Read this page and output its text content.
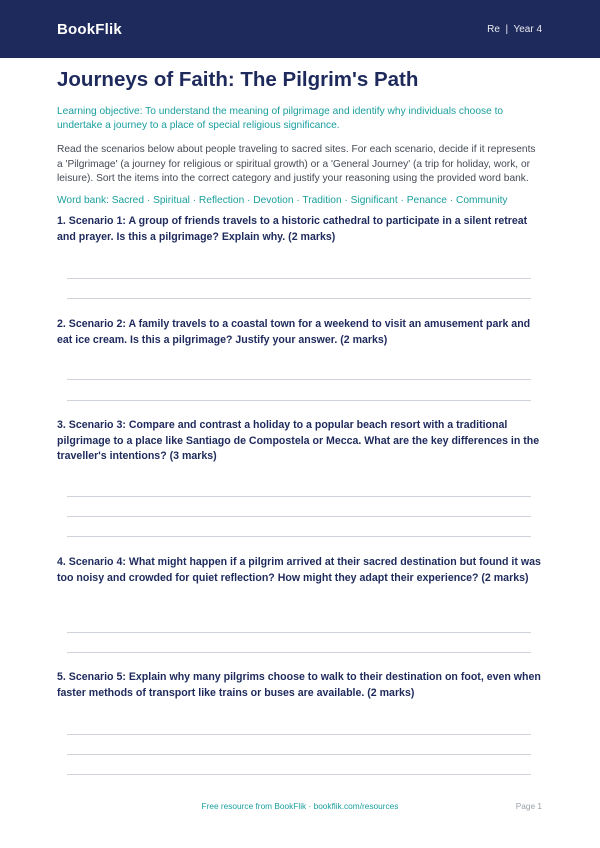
BookFlik	Re  |  Year 4
Journeys of Faith: The Pilgrim's Path

Learning objective: To understand the meaning of pilgrimage and identify why individuals choose to undertake a journey to a place of special religious significance.

Read the scenarios below about people traveling to sacred sites. For each scenario, decide if it represents a 'Pilgrimage' (a journey for religious or spiritual growth) or a 'General Journey' (a trip for holiday, work, or leisure). Sort the items into the correct category and justify your reasoning using the provided word bank.

Word bank: Sacred · Spiritual · Reflection · Devotion · Tradition · Significant · Penance · Community

1. Scenario 1: A group of friends travels to a historic cathedral to participate in a silent retreat and prayer. Is this a pilgrimage? Explain why. (2 marks)

2. Scenario 2: A family travels to a coastal town for a weekend to visit an amusement park and eat ice cream. Is this a pilgrimage? Justify your answer. (2 marks)

3. Scenario 3: Compare and contrast a holiday to a popular beach resort with a traditional pilgrimage to a place like Santiago de Compostela or Mecca. What are the key differences in the traveller's intentions? (3 marks)

4. Scenario 4: What might happen if a pilgrim arrived at their sacred destination but found it was too noisy and crowded for quiet reflection? How might they adapt their experience? (2 marks)

5. Scenario 5: Explain why many pilgrims choose to walk to their destination on foot, even when faster methods of transport like trains or buses are available. (2 marks)

Free resource from BookFlik · bookflik.com/resources	Page 1
